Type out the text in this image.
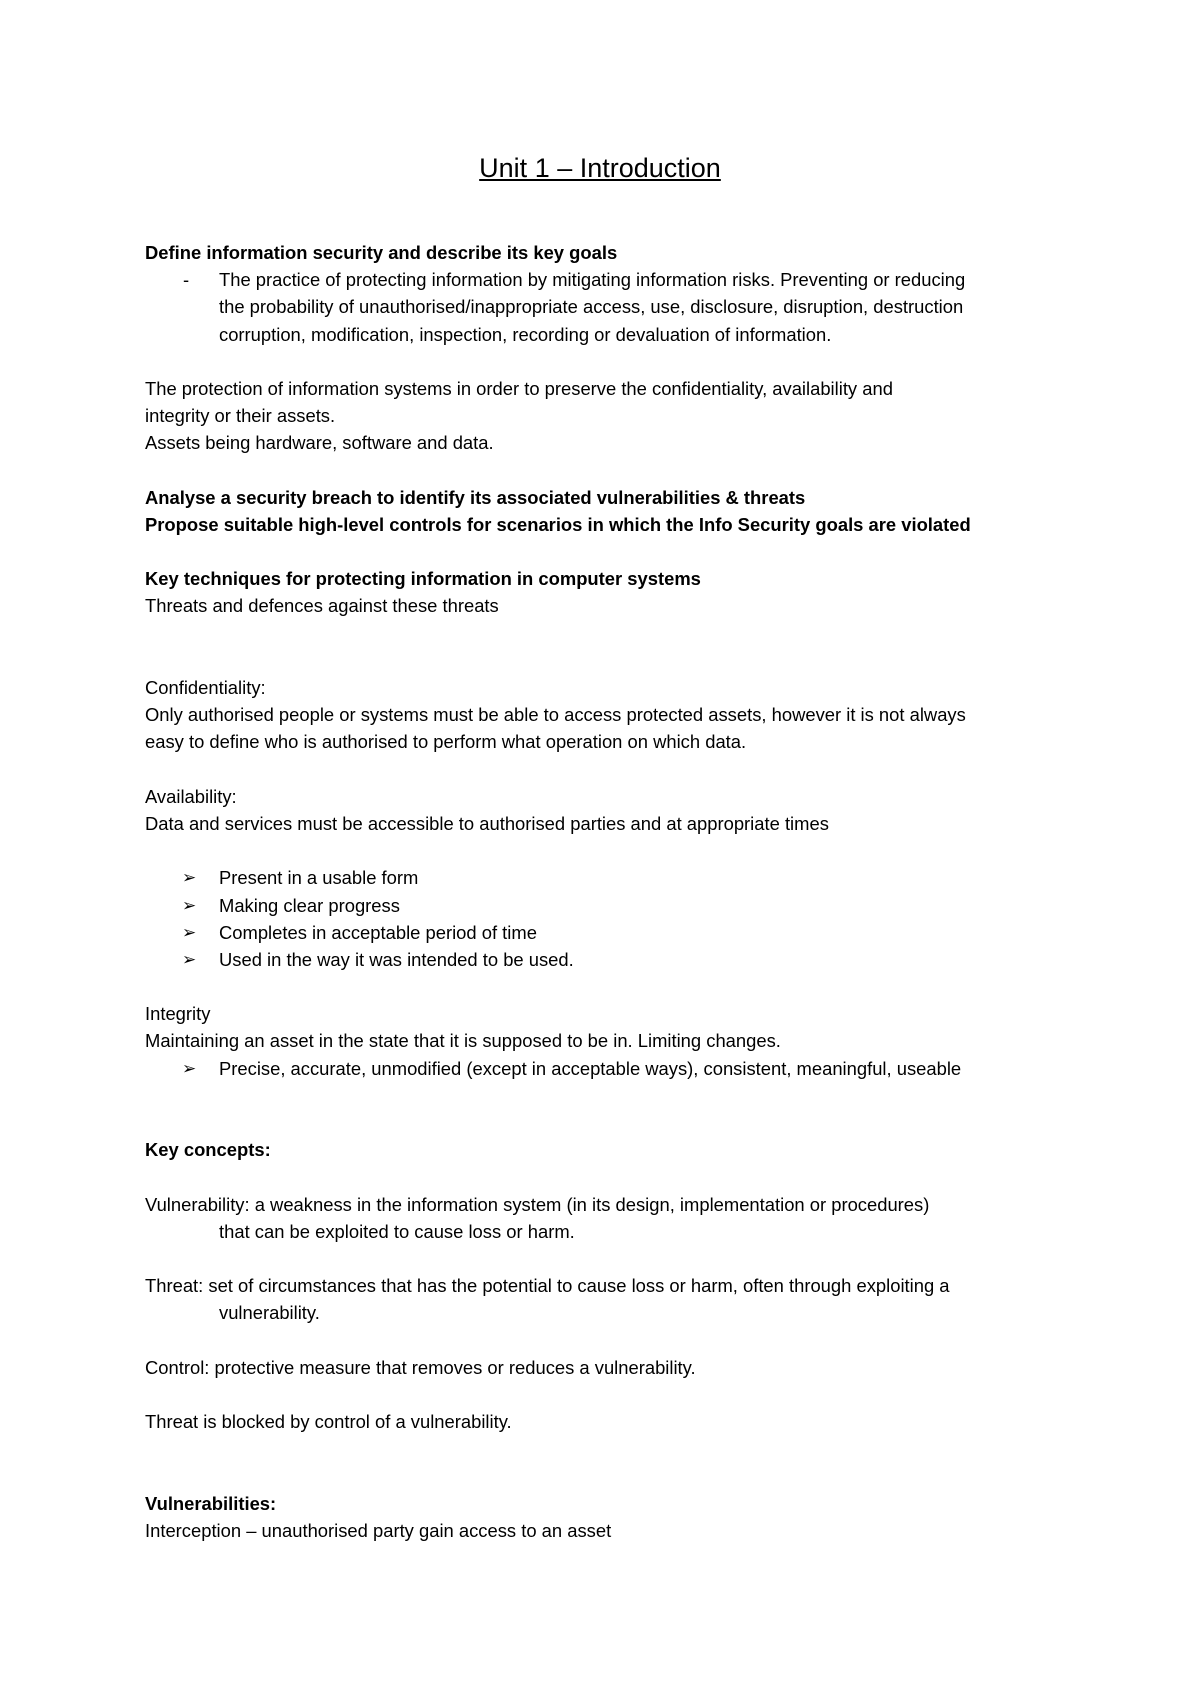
Unit 1 – Introduction
Define information security and describe its key goals
-	The practice of protecting information by mitigating information risks. Preventing or reducing
the probability of unauthorised/inappropriate access, use, disclosure, disruption, destruction
corruption, modification, inspection, recording or devaluation of information.
The protection of information systems in order to preserve the confidentiality, availability and
integrity or their assets.
Assets being hardware, software and data.
Analyse a security breach to identify its associated vulnerabilities & threats
Propose suitable high-level controls for scenarios in which the Info Security goals are violated
Key techniques for protecting information in computer systems
Threats and defences against these threats
Confidentiality:
Only authorised people or systems must be able to access protected assets, however it is not always
easy to define who is authorised to perform what operation on which data.
Availability:
Data and services must be accessible to authorised parties and at appropriate times
➢	Present in a usable form
➢	Making clear progress
➢	Completes in acceptable period of time
➢	Used in the way it was intended to be used.
Integrity
Maintaining an asset in the state that it is supposed to be in. Limiting changes.
➢	Precise, accurate, unmodified (except in acceptable ways), consistent, meaningful, useable
Key concepts:
Vulnerability: a weakness in the information system (in its design, implementation or procedures)
that can be exploited to cause loss or harm.
Threat: set of circumstances that has the potential to cause loss or harm, often through exploiting a
vulnerability.
Control: protective measure that removes or reduces a vulnerability.
Threat is blocked by control of a vulnerability.
Vulnerabilities:
Interception – unauthorised party gain access to an asset
